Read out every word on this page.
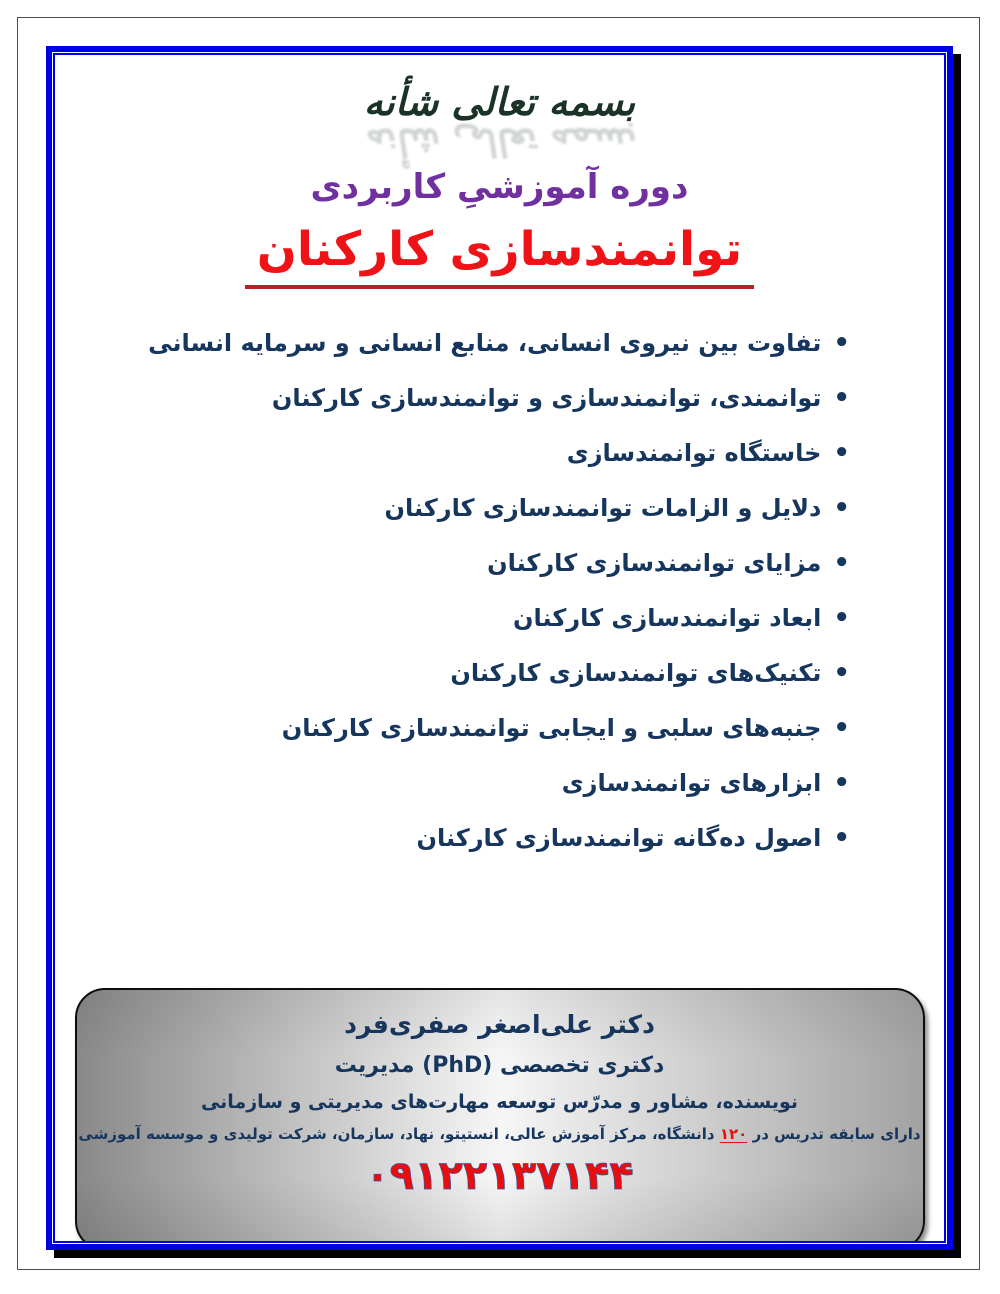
بسمه تعالی شأنه
بسمه تعالی شأنه
دوره آموزشیِ کاربردی
توانمندسازی کارکنان
•
تفاوت بین نیروی انسانی، منابع انسانی و سرمایه انسانی
•
توانمندی، توانمندسازی و توانمندسازی کارکنان
•
خاستگاه توانمندسازی
•
دلایل و الزامات توانمندسازی کارکنان
•
مزایای توانمندسازی کارکنان
•
ابعاد توانمندسازی کارکنان
•
تکنیک‌های توانمندسازی کارکنان
•
جنبه‌های سلبی و ایجابی توانمندسازی کارکنان
•
ابزارهای توانمندسازی
•
اصول ده‌گانه توانمندسازی کارکنان
دکتر علی‌اصغر صفری‌فرد
دکتری تخصصی (PhD) مدیریت
نویسنده، مشاور و مدرّس توسعه مهارت‌های مدیریتی و سازمانی
دارای سابقه تدریس در ۱۲۰ دانشگاه، مرکز آموزش عالی، انستیتو، نهاد، سازمان، شرکت تولیدی و موسسه آموزشی
۰۹۱۲۲۱۳۷۱۴۴
